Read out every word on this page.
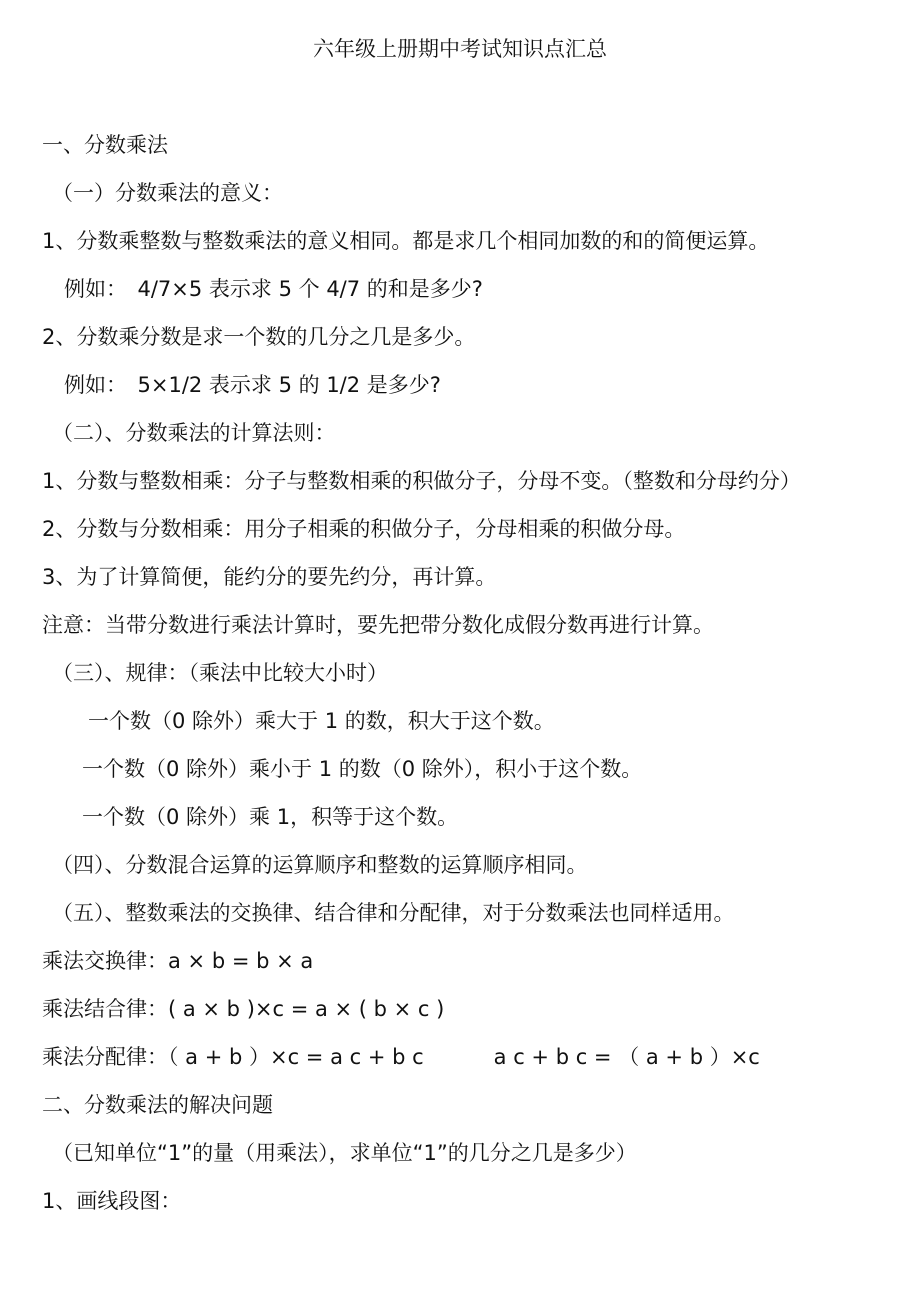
六年级上册期中考试知识点汇总
一、分数乘法
（一）分数乘法的意义：
1、分数乘整数与整数乘法的意义相同。都是求几个相同加数的和的简便运算。
例如：　4/7×5 表示求 5 个 4/7 的和是多少?
2、分数乘分数是求一个数的几分之几是多少。
例如：　5×1/2 表示求 5 的 1/2 是多少?
（二）、分数乘法的计算法则：
1、分数与整数相乘：分子与整数相乘的积做分子，分母不变。（整数和分母约分）
2、分数与分数相乘：用分子相乘的积做分子，分母相乘的积做分母。
3、为了计算简便，能约分的要先约分，再计算。
注意：当带分数进行乘法计算时，要先把带分数化成假分数再进行计算。
（三）、规律：（乘法中比较大小时）
一个数（0 除外）乘大于 1 的数，积大于这个数。
一个数（0 除外）乘小于 1 的数（0 除外），积小于这个数。
一个数（0 除外）乘 1，积等于这个数。
（四）、分数混合运算的运算顺序和整数的运算顺序相同。
（五）、整数乘法的交换律、结合律和分配律，对于分数乘法也同样适用。
乘法交换律：a × b = b × a
乘法结合律：( a × b )×c = a × ( b × c )
乘法分配律：（ a + b ）×c = a c + b c	a c + b c = （ a + b ）×c
二、分数乘法的解决问题
（已知单位“1”的量（用乘法），求单位“1”的几分之几是多少）
1、画线段图：
